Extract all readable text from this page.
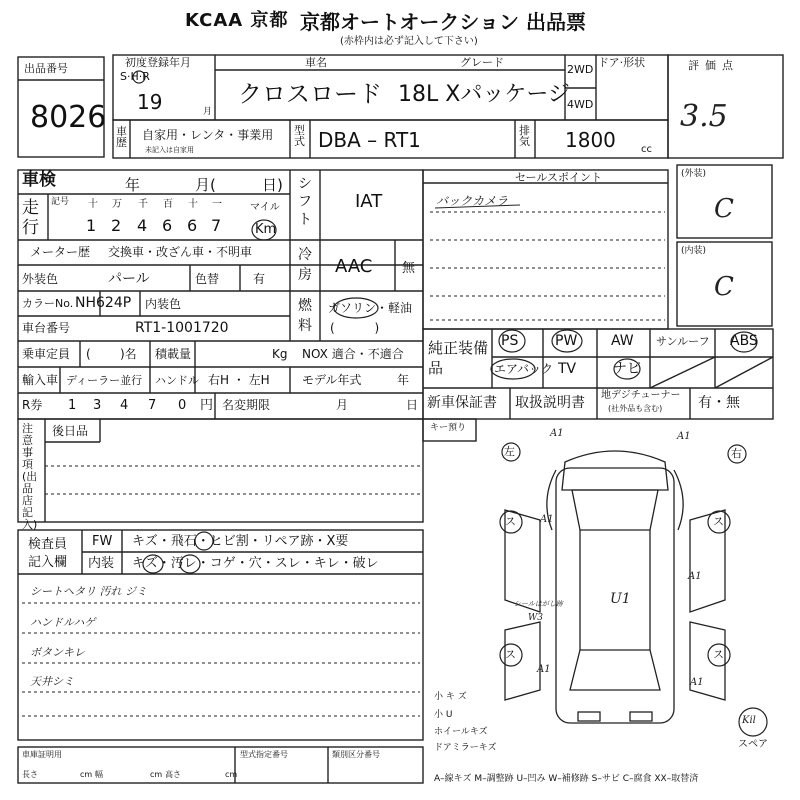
KCAA 京都 京都オートオークション 出品票
(赤枠内は必ず記入して下さい)
出品番号
8026
初度登録年月
S·H·R
19	月
車名	グレード
クロスロード 18L Xパッケージ
2WD
4WD
ドア·形状	評価点
3.5
車歴
自家用・レンタ・事業用
未記入は自家用
型式 DBA – RT1	排気 1800	cc
車検	年	月(	日)
走行
記号 十 万 千 百 十 一	マイル
1 2 4 6 6 7	Km
シフト
IAT
メーター歴 交換車・改ざん車・不明車	冷房 AAC 無
外装色	パール	色替	有
カラーNo. NH624P 内装色	燃料
ガソリン・軽油
( )
車台番号	RT1-1001720
乗車定員 ( )名 積載量	Kg NOX 適合・不適合
輸入車 ディーラー並行 ハンドル 右H ・ 左H	モデル年式	年
R券 1 3 4 7 0 円 名変期限	月	日
セールスポイント
バックカメラ
(外装)
C
(内装)
C
純正装備品
PS	PW AW サンルーフ ABS
エアバック TV	ナビ
新車保証書 取扱説明書 地デジチューナー
(社外品も含む)	有・無
注意事項(出品店記入)
後日品	キー預り
検査員記入欄
FW キズ・飛石・ヒビ割・リペア跡・X要
内装 キズ・汚レ・コゲ・穴・スレ・キレ・破レ
シートヘタリ 汚れ ジミ
ハンドルハゲ
ボタンキレ
天井シミ
左	右
A1	A1
A1
A1
U1
A1
A1
ス	ス
ス	ス
シールはがし跡
W3
Kil
スペア
小 キ ズ
小 U
ホイールキズ
ドアミラーキズ
車庫証明用
長さ	cm 幅	cm 高さ	cm
型式指定番号	類別区分番号
A–線キズ M–調整跡 U–凹み W–補修跡 S–サビ C–腐食 XX–取替済
